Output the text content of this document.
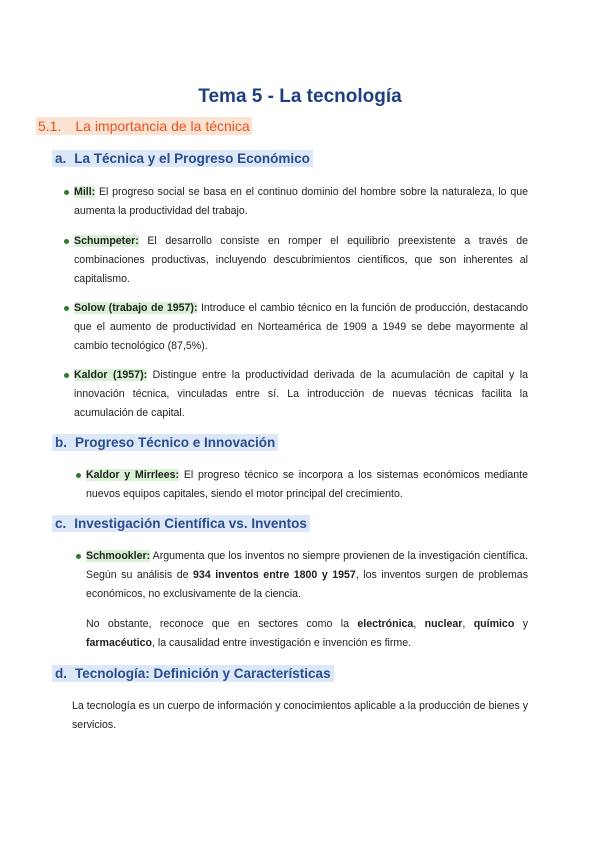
Tema 5 - La tecnología
5.1. La importancia de la técnica
a. La Técnica y el Progreso Económico
Mill: El progreso social se basa en el continuo dominio del hombre sobre la naturaleza, lo que aumenta la productividad del trabajo.
Schumpeter: El desarrollo consiste en romper el equilibrio preexistente a través de combinaciones productivas, incluyendo descubrimientos científicos, que son inherentes al capitalismo.
Solow (trabajo de 1957): Introduce el cambio técnico en la función de producción, destacando que el aumento de productividad en Norteamérica de 1909 a 1949 se debe mayormente al cambio tecnológico (87,5%).
Kaldor (1957): Distingue entre la productividad derivada de la acumulación de capital y la innovación técnica, vinculadas entre sí. La introducción de nuevas técnicas facilita la acumulación de capital.
b. Progreso Técnico e Innovación
Kaldor y Mirrlees: El progreso técnico se incorpora a los sistemas económicos mediante nuevos equipos capitales, siendo el motor principal del crecimiento.
c. Investigación Científica vs. Inventos
Schmookler: Argumenta que los inventos no siempre provienen de la investigación científica. Según su análisis de 934 inventos entre 1800 y 1957, los inventos surgen de problemas económicos, no exclusivamente de la ciencia.
No obstante, reconoce que en sectores como la electrónica, nuclear, químico y farmacéutico, la causalidad entre investigación e invención es firme.
d. Tecnología: Definición y Características
La tecnología es un cuerpo de información y conocimientos aplicable a la producción de bienes y servicios.
